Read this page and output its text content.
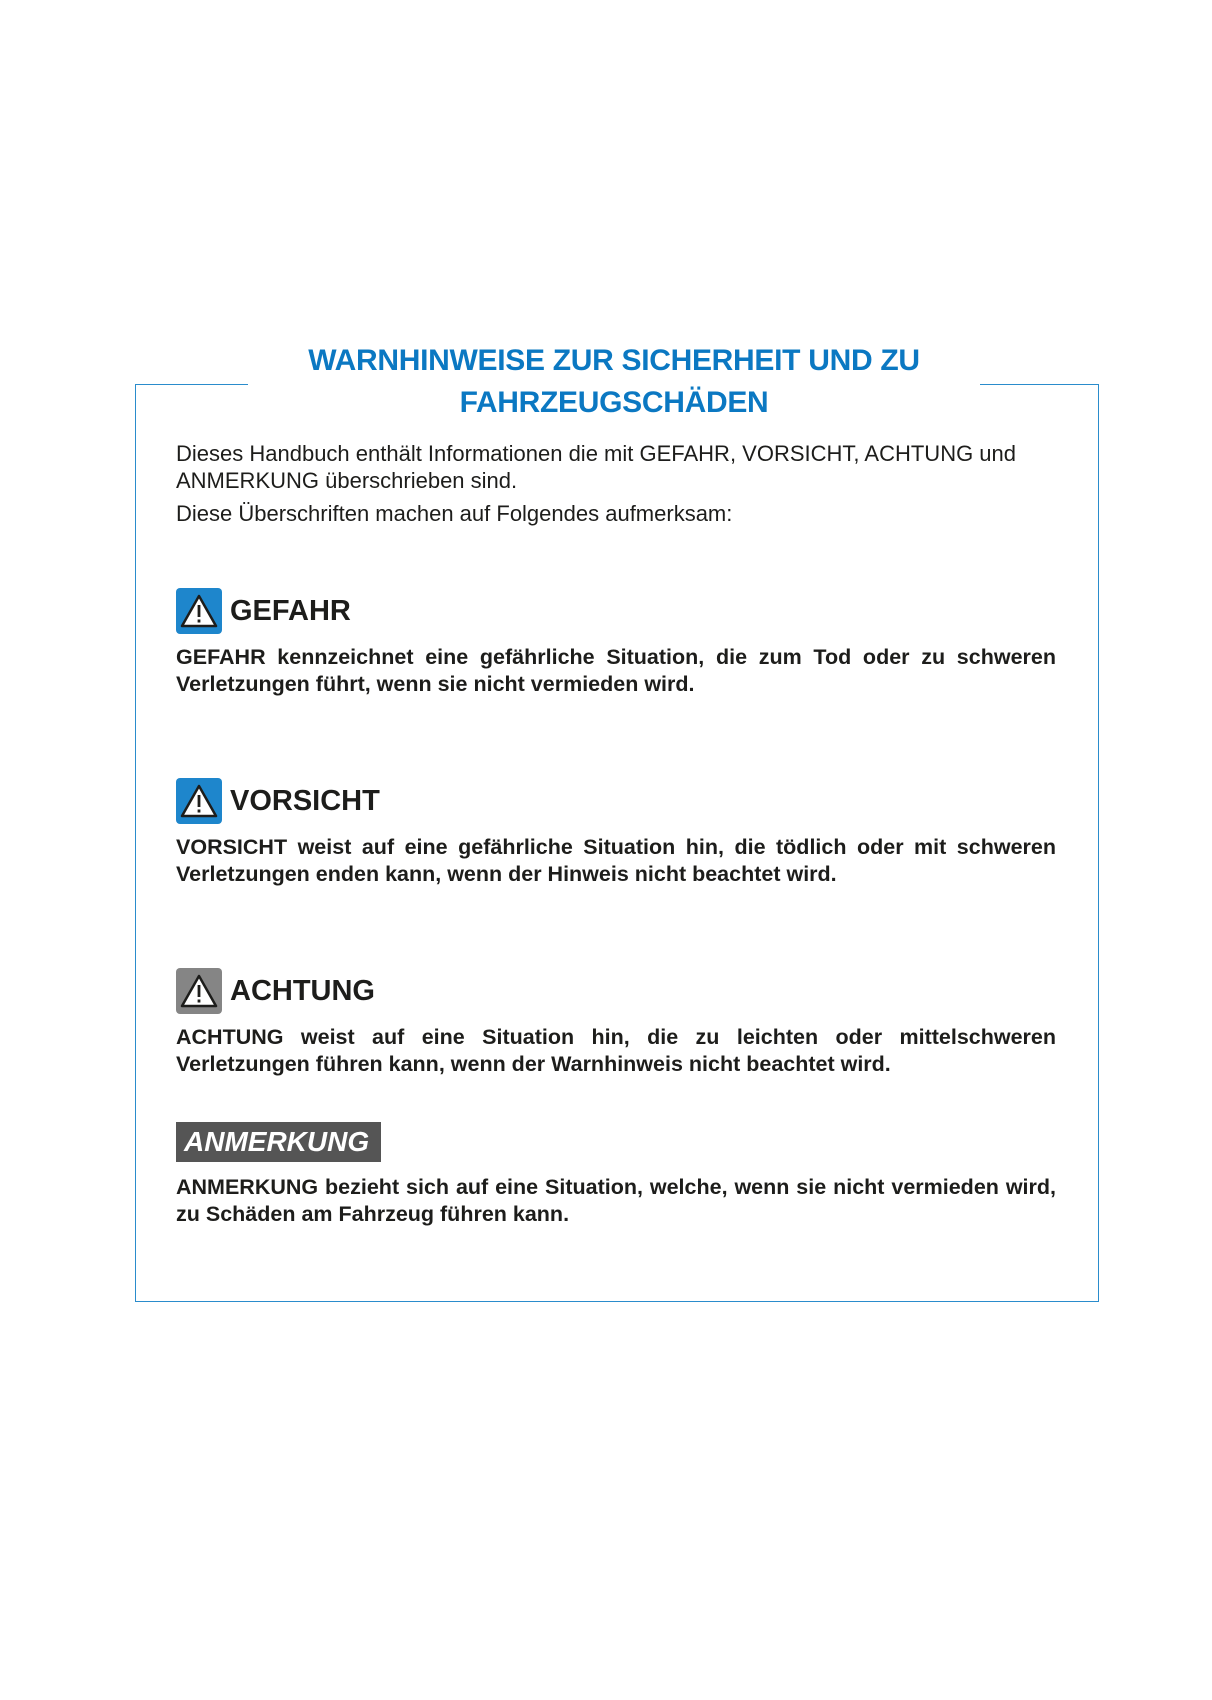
WARNHINWEISE ZUR SICHERHEIT UND ZU
FAHRZEUGSCHÄDEN

Dieses Handbuch enthält Informationen die mit GEFAHR, VORSICHT, ACHTUNG und ANMERKUNG überschrieben sind.

Diese Überschriften machen auf Folgendes aufmerksam:

GEFAHR

GEFAHR kennzeichnet eine gefährliche Situation, die zum Tod oder zu schweren Verletzungen führt, wenn sie nicht vermieden wird.

VORSICHT

VORSICHT weist auf eine gefährliche Situation hin, die tödlich oder mit schweren Verletzungen enden kann, wenn der Hinweis nicht beachtet wird.

ACHTUNG

ACHTUNG weist auf eine Situation hin, die zu leichten oder mittelschweren Verletzungen führen kann, wenn der Warnhinweis nicht beachtet wird.

ANMERKUNG

ANMERKUNG bezieht sich auf eine Situation, welche, wenn sie nicht vermieden wird, zu Schäden am Fahrzeug führen kann.
